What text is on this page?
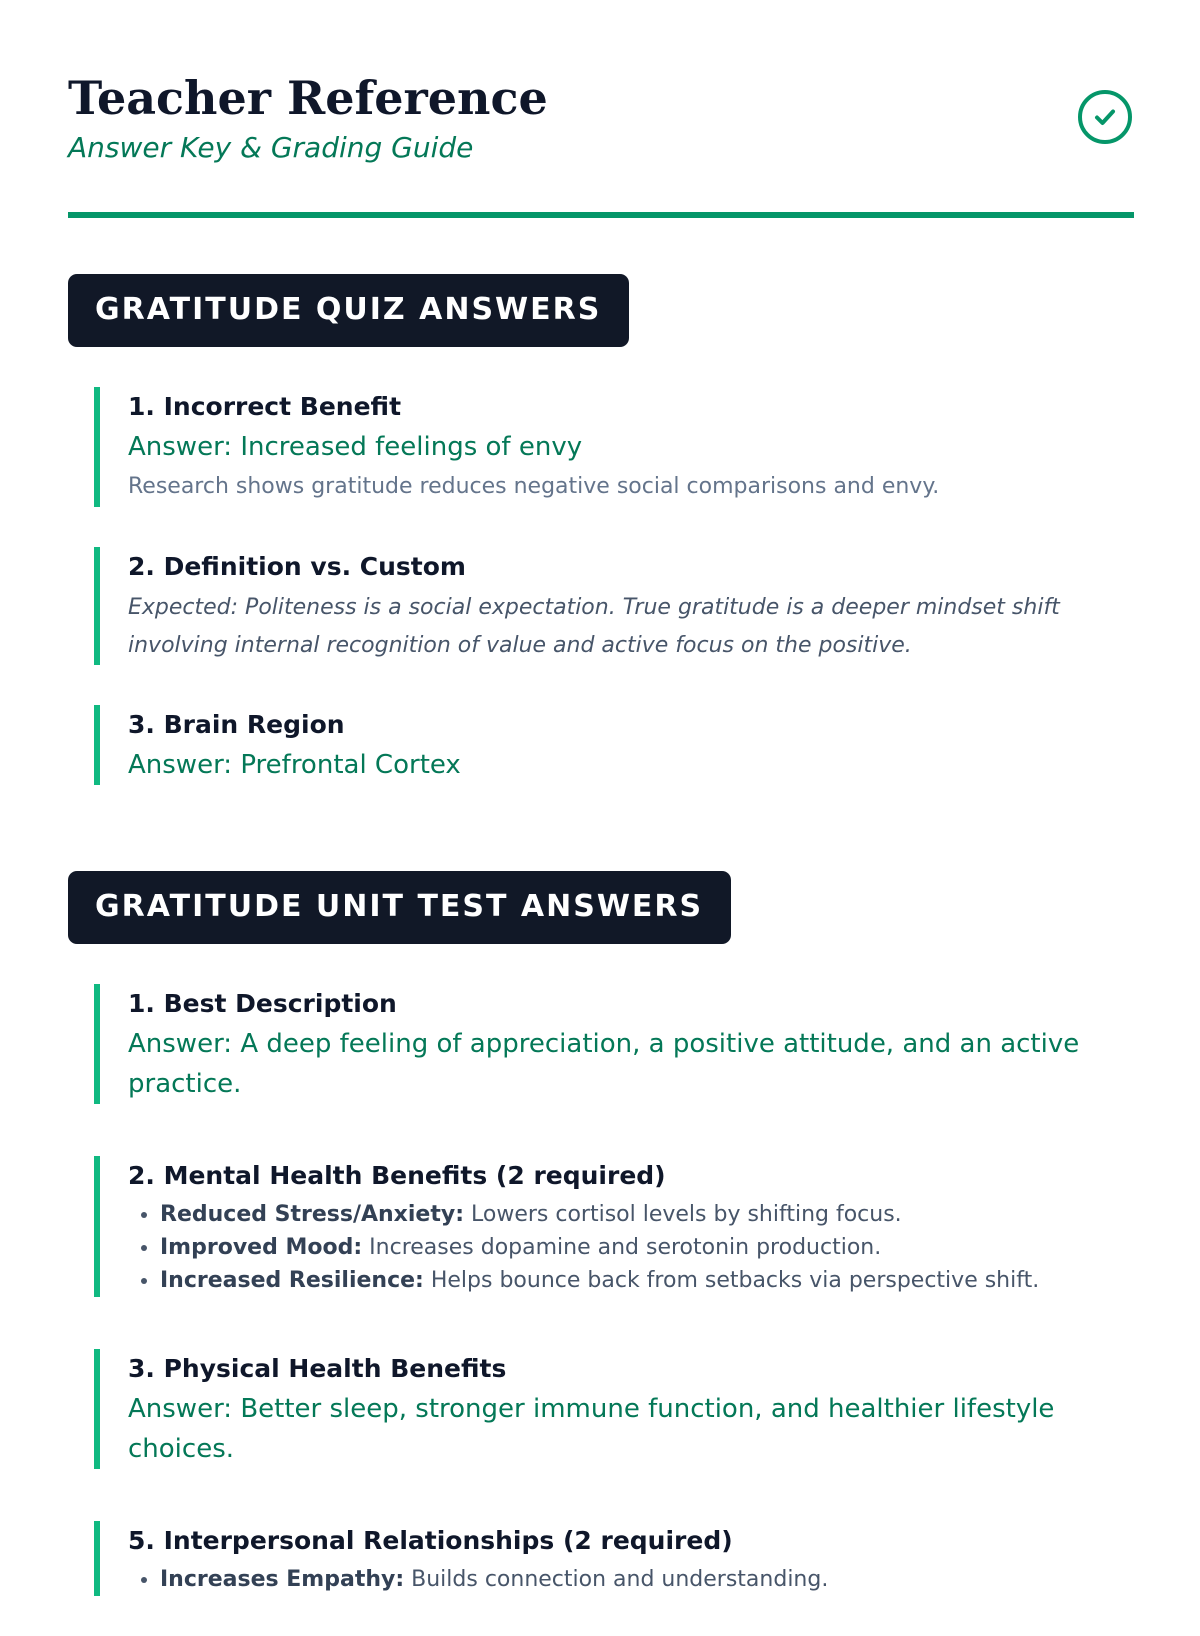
Teacher Reference
Answer Key & Grading Guide
GRATITUDE QUIZ ANSWERS
1. Incorrect Benefit
Answer: Increased feelings of envy
Research shows gratitude reduces negative social comparisons and envy.
2. Definition vs. Custom
Expected: Politeness is a social expectation. True gratitude is a deeper mindset shift involving internal recognition of value and active focus on the positive.
3. Brain Region
Answer: Prefrontal Cortex
GRATITUDE UNIT TEST ANSWERS
1. Best Description
Answer: A deep feeling of appreciation, a positive attitude, and an active practice.
2. Mental Health Benefits (2 required)
• Reduced Stress/Anxiety: Lowers cortisol levels by shifting focus.
• Improved Mood: Increases dopamine and serotonin production.
• Increased Resilience: Helps bounce back from setbacks via perspective shift.
3. Physical Health Benefits
Answer: Better sleep, stronger immune function, and healthier lifestyle choices.
5. Interpersonal Relationships (2 required)
• Increases Empathy: Builds connection and understanding.
